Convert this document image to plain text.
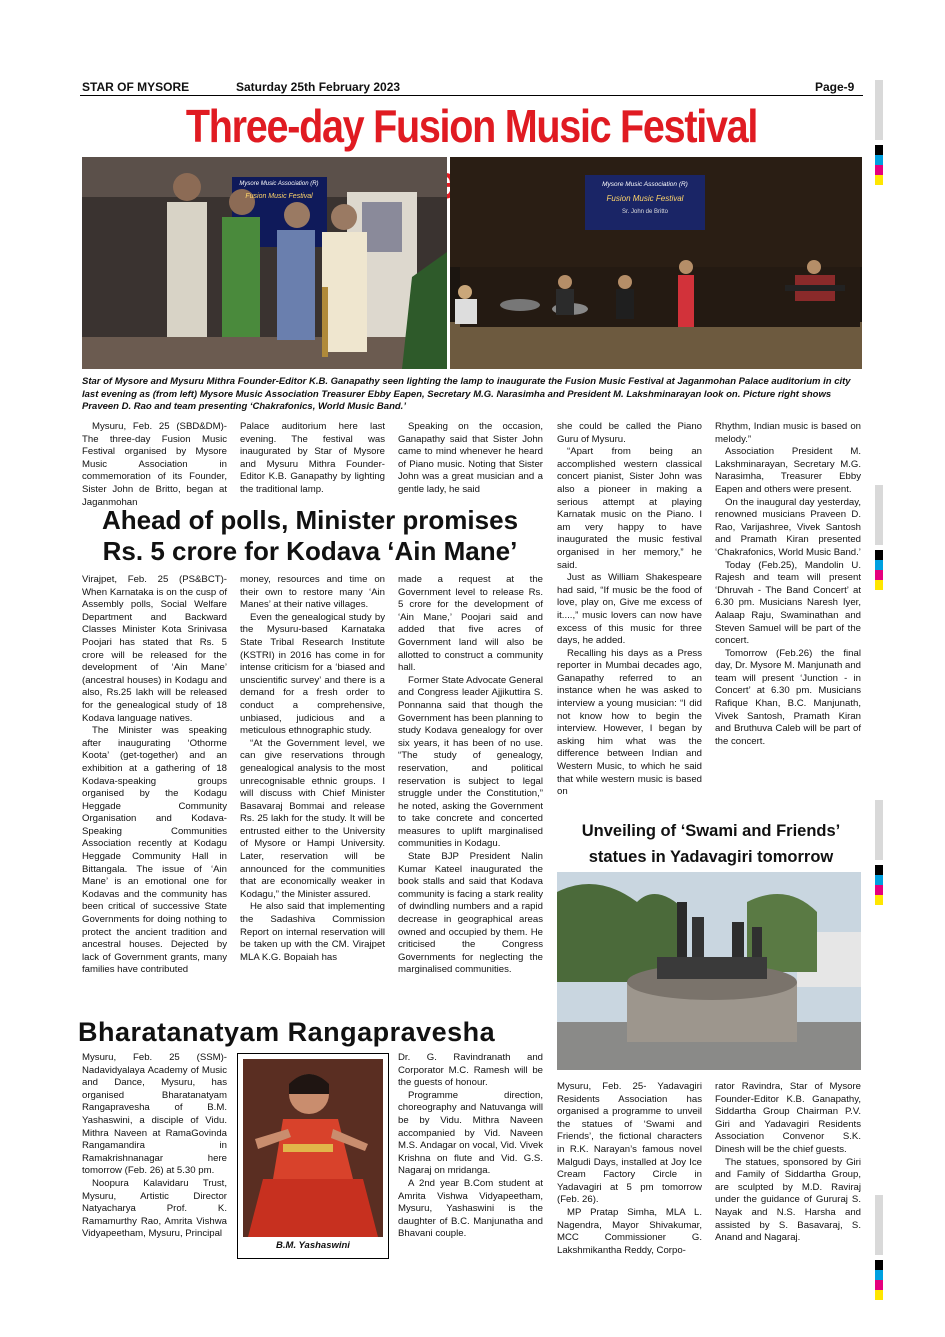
STAR OF MYSORE	Saturday 25th February 2023	Page-9
Three-day Fusion Music Festival
Mysore Music Association (R)
Fusion Music Festival
Mysore Music Association (R)
Fusion Music Festival
Sr. John de Britto
Star of Mysore and Mysuru Mithra Founder-Editor K.B. Ganapathy seen lighting the lamp to inaugurate the Fusion Music Festival at Jaganmohan Palace auditorium in city last evening as (from left) Mysore Music Association Treasurer Ebby Eapen, Secretary M.G. Narasimha and President M. Lakshminarayan look on. Picture right shows Praveen D. Rao and team presenting ‘Chakrafonics, World Music Band.’

Mysuru, Feb. 25 (SBD&DM)- The three-day Fusion Music Festival organised by Mysore Music Association in commemoration of its Founder, Sister John de Britto, began at Jaganmohan

Palace auditorium here last evening. The festival was inaugurated by Star of Mysore and Mysuru Mithra Founder-Editor K.B. Ganapathy by lighting the traditional lamp.

Speaking on the occasion, Ganapathy said that Sister John came to mind whenever he heard of Piano music. Noting that Sister John was a great musician and a gentle lady, he said

she could be called the Piano Guru of Mysuru.

“Apart from being an accomplished western classical concert pianist, Sister John was also a pioneer in making a serious attempt at playing Karnatak music on the Piano. I am very happy to have inaugurated the music festival organised in her memory,” he said.

Just as William Shakespeare had said, “If music be the food of love, play on, Give me excess of it....,” music lovers can now have excess of this music for three days, he added.

Recalling his days as a Press reporter in Mumbai decades ago, Ganapathy referred to an instance when he was asked to interview a young musician: “I did not know how to begin the interview. However, I began by asking him what was the difference between Indian and Western Music, to which he said that while western music is based on

Rhythm, Indian music is based on melody.”

Association President M. Lakshminarayan, Secretary M.G. Narasimha, Treasurer Ebby Eapen and others were present.

On the inaugural day yesterday, renowned musicians Praveen D. Rao, Varijashree, Vivek Santosh and Pramath Kiran presented ‘Chakrafonics, World Music Band.’

Today (Feb.25), Mandolin U. Rajesh and team will present ‘Dhruvah - The Band Concert’ at 6.30 pm. Musicians Naresh Iyer, Aalaap Raju, Swaminathan and Steven Samuel will be part of the concert.

Tomorrow (Feb.26) the final day, Dr. Mysore M. Manjunath and team will present ‘Junction - in Concert’ at 6.30 pm. Musicians Rafique Khan, B.C. Manjunath, Vivek Santosh, Pramath Kiran and Bruthuva Caleb will be part of the concert.

Ahead of polls, Minister promises
Rs. 5 crore for Kodava ‘Ain Mane’

Virajpet, Feb. 25 (PS&BCT)- When Karnataka is on the cusp of Assembly polls, Social Welfare Department and Backward Classes Minister Kota Srinivasa Poojari has stated that Rs. 5 crore will be released for the development of ‘Ain Mane’ (ancestral houses) in Kodagu and also, Rs.25 lakh will be released for the genealogical study of 18 Kodava language natives.

The Minister was speaking after inaugurating ‘Othorme Koota’ (get-together) and an exhibition at a gathering of 18 Kodava-speaking groups organised by the Kodagu Heggade Community Organisation and Kodava-Speaking Communities Association recently at Kodagu Heggade Community Hall in Bittangala. The issue of ‘Ain Mane’ is an emotional one for Kodavas and the community has been critical of successive State Governments for doing nothing to protect the ancient tradition and ancestral houses. Dejected by lack of Government grants, many families have contributed

money, resources and time on their own to restore many ‘Ain Manes’ at their native villages.

Even the genealogical study by the Mysuru-based Karnataka State Tribal Research Institute (KSTRI) in 2016 has come in for intense criticism for a ‘biased and unscientific survey’ and there is a demand for a fresh order to conduct a comprehensive, unbiased, judicious and a meticulous ethnographic study.

“At the Government level, we can give reservations through genealogical analysis to the most unrecognisable ethnic groups. I will discuss with Chief Minister Basavaraj Bommai and release Rs. 25 lakh for the study. It will be entrusted either to the University of Mysore or Hampi University. Later, reservation will be announced for the communities that are economically weaker in Kodagu,” the Minister assured.

He also said that implementing the Sadashiva Commission Report on internal reservation will be taken up with the CM. Virajpet MLA K.G. Bopaiah has

made a request at the Government level to release Rs. 5 crore for the development of ‘Ain Mane,’ Poojari said and added that five acres of Government land will also be allotted to construct a community hall.

Former State Advocate General and Congress leader Ajjikuttira S. Ponnanna said that though the Government has been planning to study Kodava genealogy for over six years, it has been of no use. “The study of genealogy, reservation, and political reservation is subject to legal struggle under the Constitution,” he noted, asking the Government to take concrete and concerted measures to uplift marginalised communities in Kodagu.

State BJP President Nalin Kumar Kateel inaugurated the book stalls and said that Kodava community is facing a stark reality of dwindling numbers and a rapid decrease in geographical areas owned and occupied by them. He criticised the Congress Governments for neglecting the marginalised communities.

Unveiling of ‘Swami and Friends’
statues in Yadavagiri tomorrow

Mysuru, Feb. 25- Yadavagiri Residents Association has organised a programme to unveil the statues of ‘Swami and Friends’, the fictional characters in R.K. Narayan’s famous novel Malgudi Days, installed at Joy Ice Cream Factory Circle in Yadavagiri at 5 pm tomorrow (Feb. 26).

MP Pratap Simha, MLA L. Nagendra, Mayor Shivakumar, MCC Commissioner G. Lakshmikantha Reddy, Corpo-

rator Ravindra, Star of Mysore Founder-Editor K.B. Ganapathy, Siddartha Group Chairman P.V. Giri and Yadavagiri Residents Association Convenor S.K. Dinesh will be the chief guests.

The statues, sponsored by Giri and Family of Siddartha Group, are sculpted by M.D. Raviraj under the guidance of Gururaj S. Nayak and N.S. Harsha and assisted by S. Basavaraj, S. Anand and Nagaraj.

Bharatanatyam Rangapravesha

Mysuru, Feb. 25 (SSM)- Nadavidyalaya Academy of Music and Dance, Mysuru, has organised Bharatanatyam Rangapravesha of B.M. Yashaswini, a disciple of Vidu. Mithra Naveen at RamaGovinda Rangamandira in Ramakrishnanagar here tomorrow (Feb. 26) at 5.30 pm.

Noopura Kalavidaru Trust, Mysuru, Artistic Director Natyacharya Prof. K. Ramamurthy Rao, Amrita Vishwa Vidyapeetham, Mysuru, Principal

B.M. Yashaswini

Dr. G. Ravindranath and Corporator M.C. Ramesh will be the guests of honour.

Programme direction, choreography and Natuvanga will be by Vidu. Mithra Naveen accompanied by Vid. Naveen M.S. Andagar on vocal, Vid. Vivek Krishna on flute and Vid. G.S. Nagaraj on mridanga.

A 2nd year B.Com student at Amrita Vishwa Vidyapeetham, Mysuru, Yashaswini is the daughter of B.C. Manjunatha and Bhavani couple.
